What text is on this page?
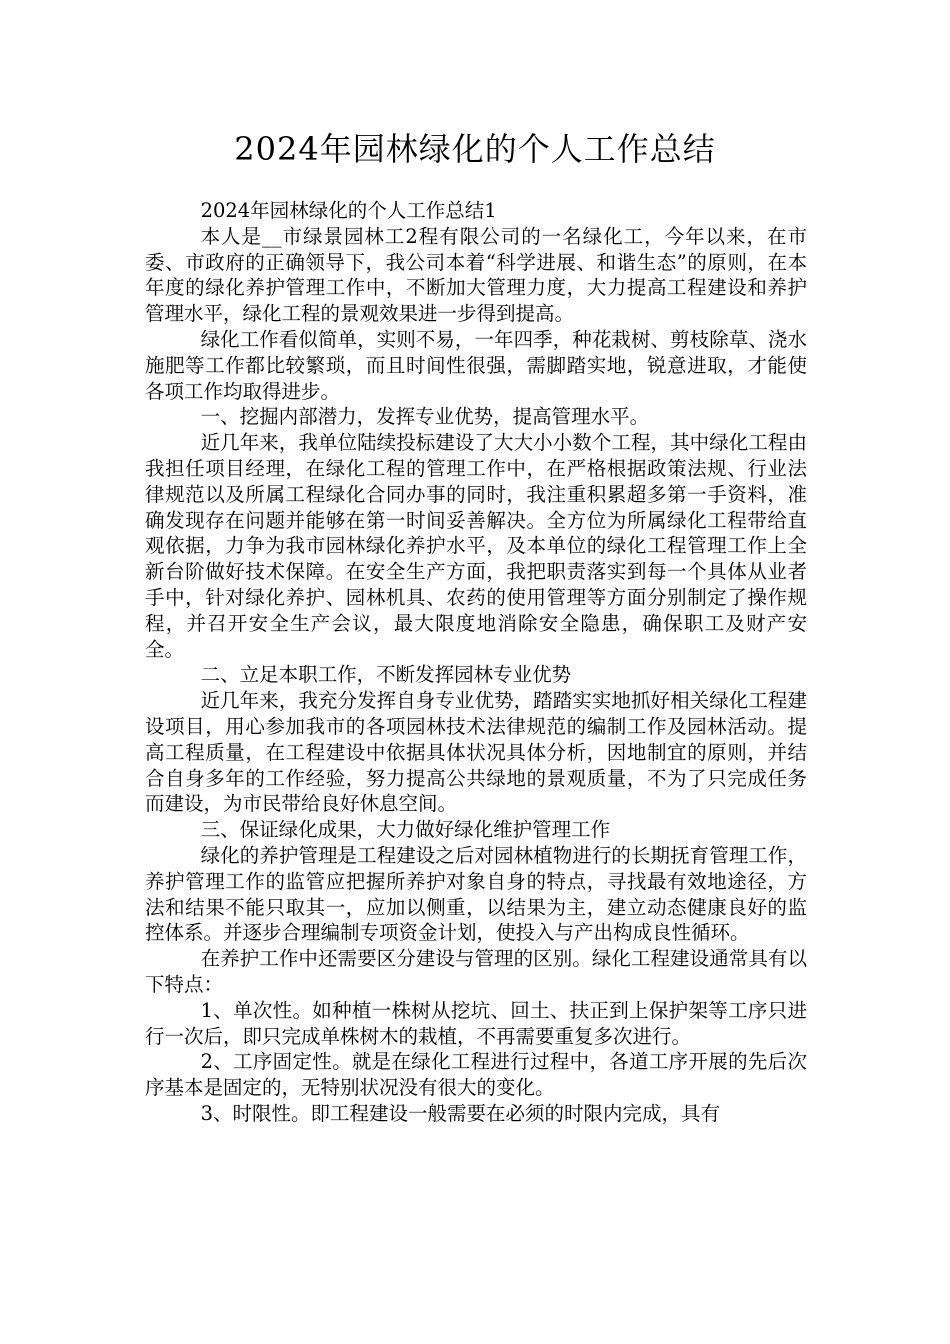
2024年园林绿化的个人工作总结

2024年园林绿化的个人工作总结1

本人是__市绿景园林工2程有限公司的一名绿化工，今年以来，在市委、市政府的正确领导下，我公司本着“科学进展、和谐生态”的原则，在本年度的绿化养护管理工作中，不断加大管理力度，大力提高工程建设和养护管理水平，绿化工程的景观效果进一步得到提高。

绿化工作看似简单，实则不易，一年四季，种花栽树、剪枝除草、浇水施肥等工作都比较繁琐，而且时间性很强，需脚踏实地，锐意进取，才能使各项工作均取得进步。

一、挖掘内部潜力，发挥专业优势，提高管理水平。

近几年来，我单位陆续投标建设了大大小小数个工程，其中绿化工程由我担任项目经理，在绿化工程的管理工作中，在严格根据政策法规、行业法律规范以及所属工程绿化合同办事的同时，我注重积累超多第一手资料，准确发现存在问题并能够在第一时间妥善解决。全方位为所属绿化工程带给直观依据，力争为我市园林绿化养护水平，及本单位的绿化工程管理工作上全新台阶做好技术保障。在安全生产方面，我把职责落实到每一个具体从业者手中，针对绿化养护、园林机具、农药的使用管理等方面分别制定了操作规程，并召开安全生产会议，最大限度地消除安全隐患，确保职工及财产安全。

二、立足本职工作，不断发挥园林专业优势

近几年来，我充分发挥自身专业优势，踏踏实实地抓好相关绿化工程建设项目，用心参加我市的各项园林技术法律规范的编制工作及园林活动。提高工程质量，在工程建设中依据具体状况具体分析，因地制宜的原则，并结合自身多年的工作经验，努力提高公共绿地的景观质量，不为了只完成任务而建设，为市民带给良好休息空间。

三、保证绿化成果，大力做好绿化维护管理工作

绿化的养护管理是工程建设之后对园林植物进行的长期抚育管理工作，养护管理工作的监管应把握所养护对象自身的特点，寻找最有效地途径，方法和结果不能只取其一，应加以侧重，以结果为主，建立动态健康良好的监控体系。并逐步合理编制专项资金计划，使投入与产出构成良性循环。

在养护工作中还需要区分建设与管理的区别。绿化工程建设通常具有以下特点：

1、单次性。如种植一株树从挖坑、回土、扶正到上保护架等工序只进行一次后，即只完成单株树木的栽植，不再需要重复多次进行。

2、工序固定性。就是在绿化工程进行过程中，各道工序开展的先后次序基本是固定的，无特别状况没有很大的变化。

3、时限性。即工程建设一般需要在必须的时限内完成，具有
